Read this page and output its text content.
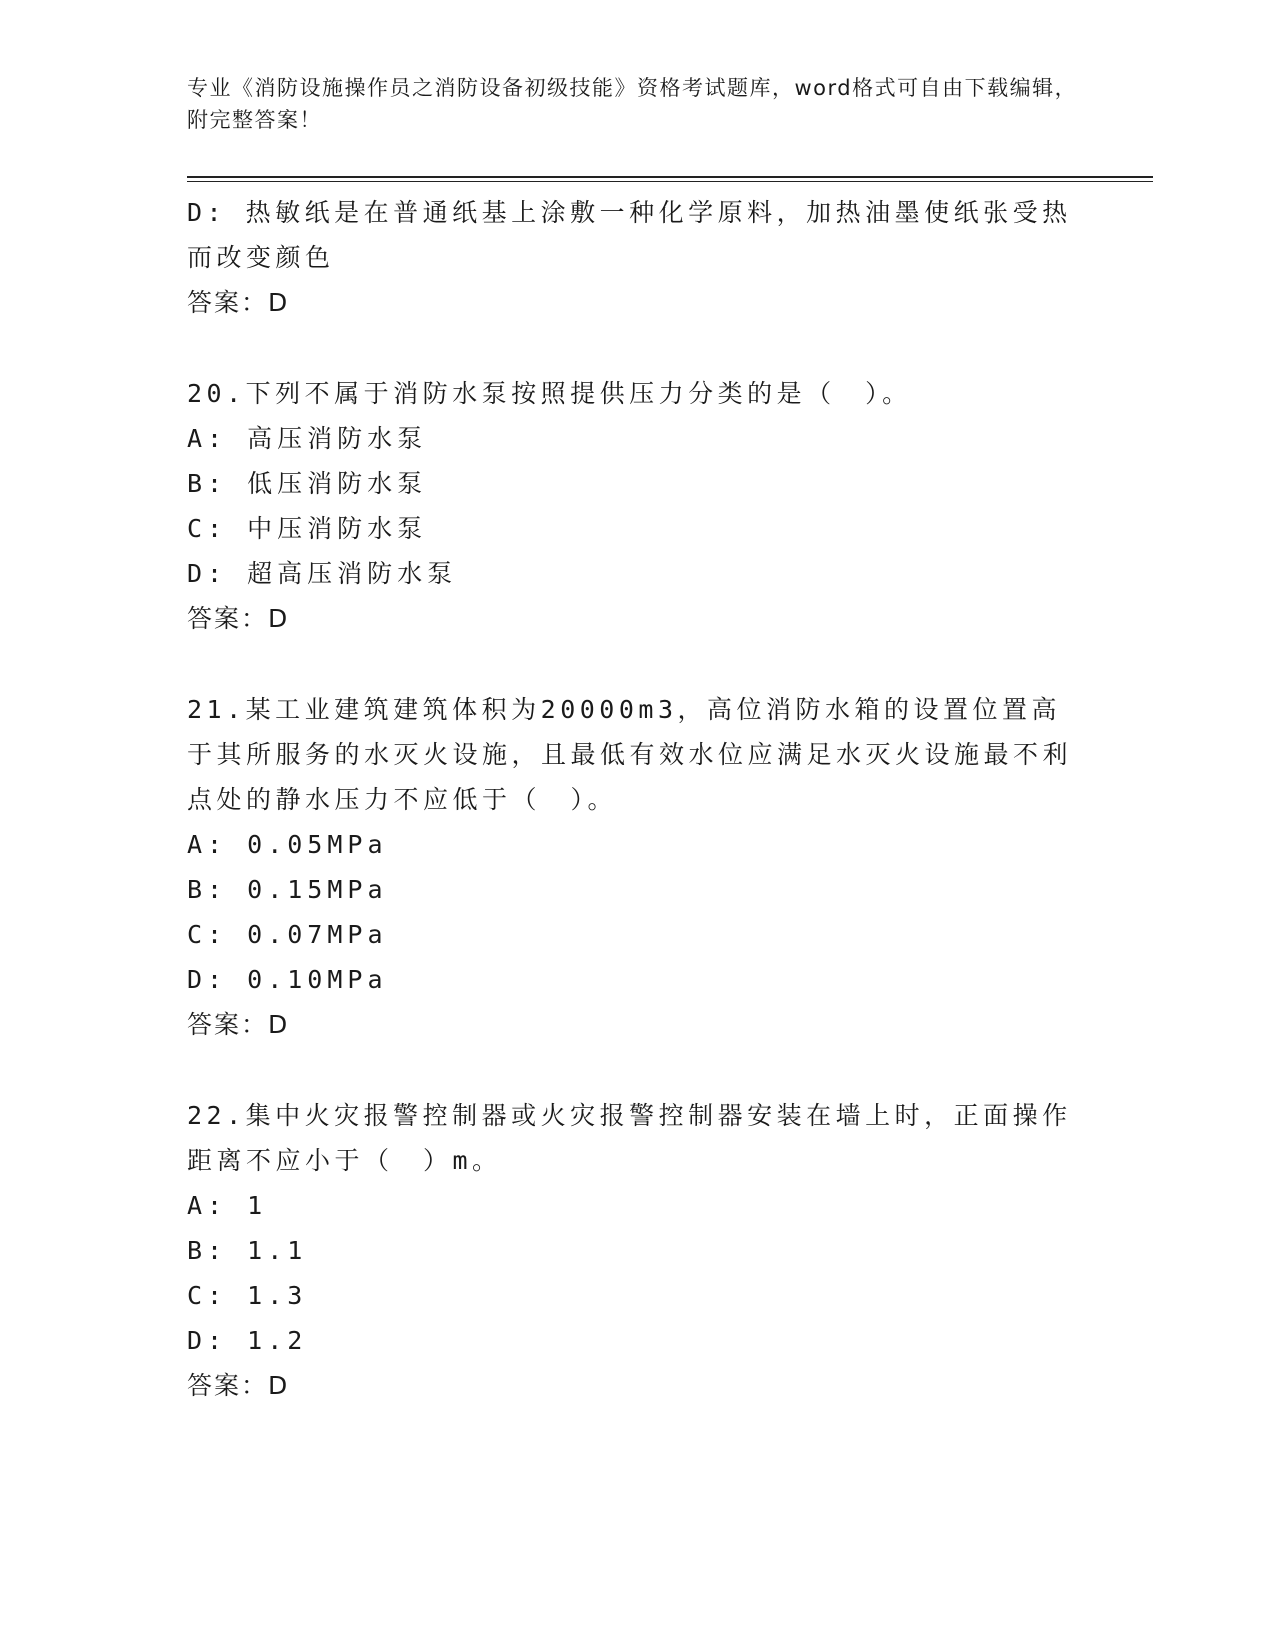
专业《消防设施操作员之消防设备初级技能》资格考试题库，word格式可自由下载编辑，附完整答案！
D: 热敏纸是在普通纸基上涂敷一种化学原料，加热油墨使纸张受热而改变颜色
答案：D
20.下列不属于消防水泵按照提供压力分类的是（　）。
A: 高压消防水泵
B: 低压消防水泵
C: 中压消防水泵
D: 超高压消防水泵
答案：D
21.某工业建筑建筑体积为20000m3，高位消防水箱的设置位置高于其所服务的水灭火设施，且最低有效水位应满足水灭火设施最不利点处的静水压力不应低于（　）。
A: 0.05MPa
B: 0.15MPa
C: 0.07MPa
D: 0.10MPa
答案：D
22.集中火灾报警控制器或火灾报警控制器安装在墙上时，正面操作距离不应小于（　）m。
A: 1
B: 1.1
C: 1.3
D: 1.2
答案：D
